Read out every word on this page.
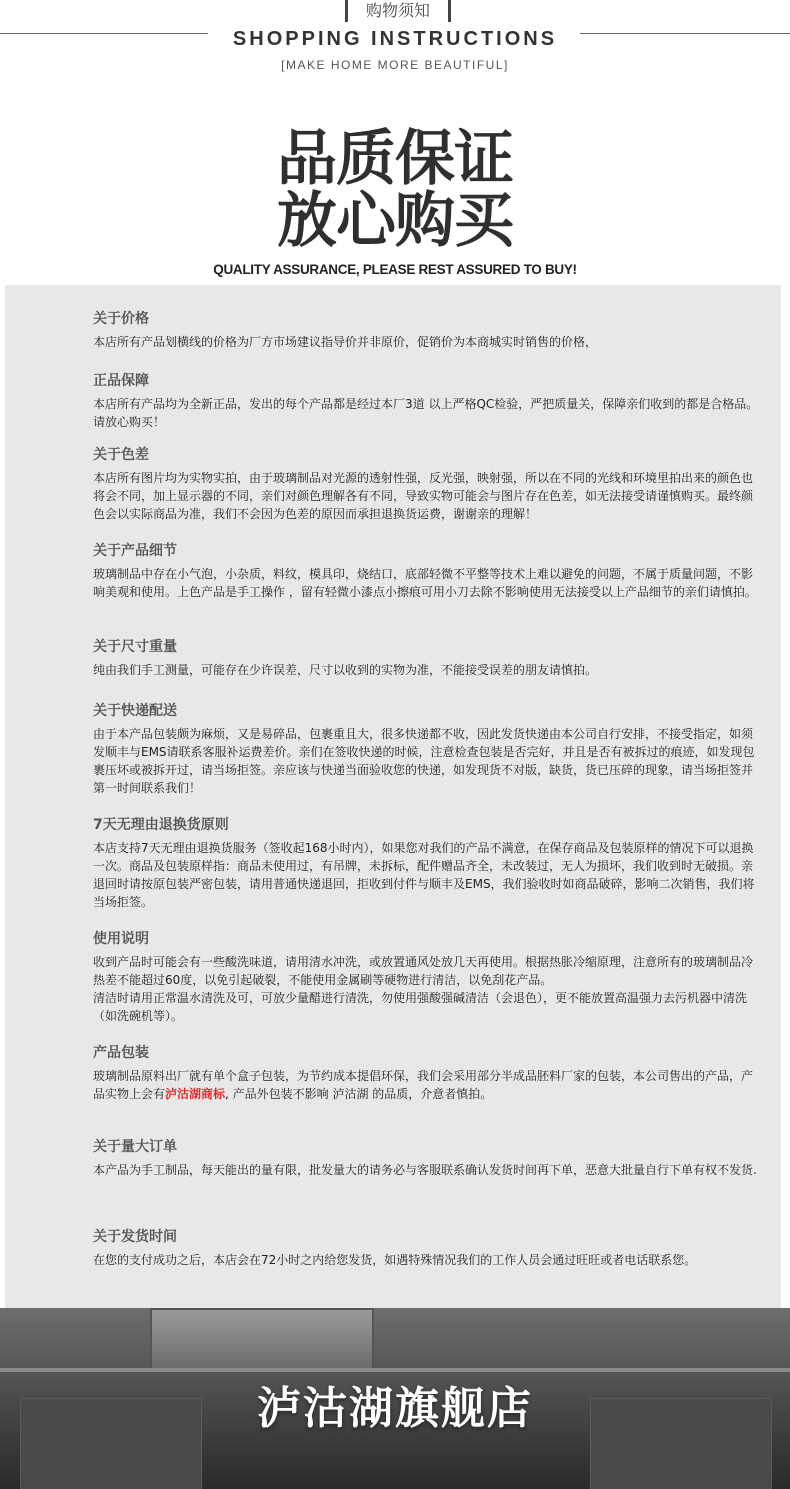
购物须知
SHOPPING INSTRUCTIONS
[MAKE HOME MORE BEAUTIFUL]
品质保证
放心购买
QUALITY ASSURANCE, PLEASE REST ASSURED TO BUY!
关于价格

本店所有产品划横线的价格为厂方市场建议指导价并非原价，促销价为本商城实时销售的价格，

正品保障

本店所有产品均为全新正品，发出的每个产品都是经过本厂3道 以上严格QC检验，严把质量关，保障亲们收到的都是合格品。请放心购买！

关于色差

本店所有图片均为实物实拍，由于玻璃制品对光源的透射性强，反光强，映射强，所以在不同的光线和环境里拍出来的颜色也将会不同，加上显示器的不同，亲们对颜色理解各有不同，导致实物可能会与图片存在色差，如无法接受请谨慎购买。最终颜色会以实际商品为准，我们不会因为色差的原因而承担退换货运费，谢谢亲的理解！

关于产品细节

玻璃制品中存在小气泡，小杂质，料纹，模具印，烧结口，底部轻微不平整等技术上难以避免的问题，不属于质量问题，不影响美观和使用。上色产品是手工操作 ，留有轻微小漆点小擦痕可用小刀去除不影响使用无法接受以上产品细节的亲们请慎拍。

关于尺寸重量

纯由我们手工测量，可能存在少许误差，尺寸以收到的实物为准，不能接受误差的朋友请慎拍。

关于快递配送

由于本产品包装颇为麻烦，又是易碎品，包裹重且大，很多快递都不收，因此发货快递由本公司自行安排，不接受指定，如须发顺丰与EMS请联系客服补运费差价。亲们在签收快递的时候，注意检查包装是否完好，并且是否有被拆过的痕迹，如发现包裹压坏或被拆开过，请当场拒签。亲应该与快递当面验收您的快递，如发现货不对版，缺货，货已压碎的现象，请当场拒签并第一时间联系我们！

7天无理由退换货原则

本店支持7天无理由退换货服务（签收起168小时内），如果您对我们的产品不满意，在保存商品及包装原样的情况下可以退换一次。商品及包装原样指：商品未使用过，有吊牌，未拆标，配件赠品齐全，未改装过，无人为损坏，我们收到时无破损。亲退回时请按原包装严密包装，请用普通快递退回，拒收到付件与顺丰及EMS，我们验收时如商品破碎，影响二次销售，我们将当场拒签。

使用说明

收到产品时可能会有一些酸洗味道，请用清水冲洗，或放置通风处放几天再使用。根据热胀冷缩原理，注意所有的玻璃制品冷热差不能超过60度，以免引起破裂，不能使用金属刷等硬物进行清洁，以免刮花产品。

清洁时请用正常温水清洗及可，可放少量醋进行清洗，勿使用强酸强碱清洁（会退色），更不能放置高温强力去污机器中清洗（如洗碗机等）。

产品包装

玻璃制品原料出厂就有单个盒子包装，为节约成本提倡环保，我们会采用部分半成品胚料厂家的包装，本公司售出的产品，产品实物上会有泸沽湖商标, 产品外包装不影响 泸沽湖 的品质，介意者慎拍。

关于量大订单

本产品为手工制品，每天能出的量有限，批发量大的请务必与客服联系确认发货时间再下单，恶意大批量自行下单有权不发货.

关于发货时间

在您的支付成功之后，本店会在72小时之内给您发货，如遇特殊情况我们的工作人员会通过旺旺或者电话联系您。

泸沽湖旗舰店
